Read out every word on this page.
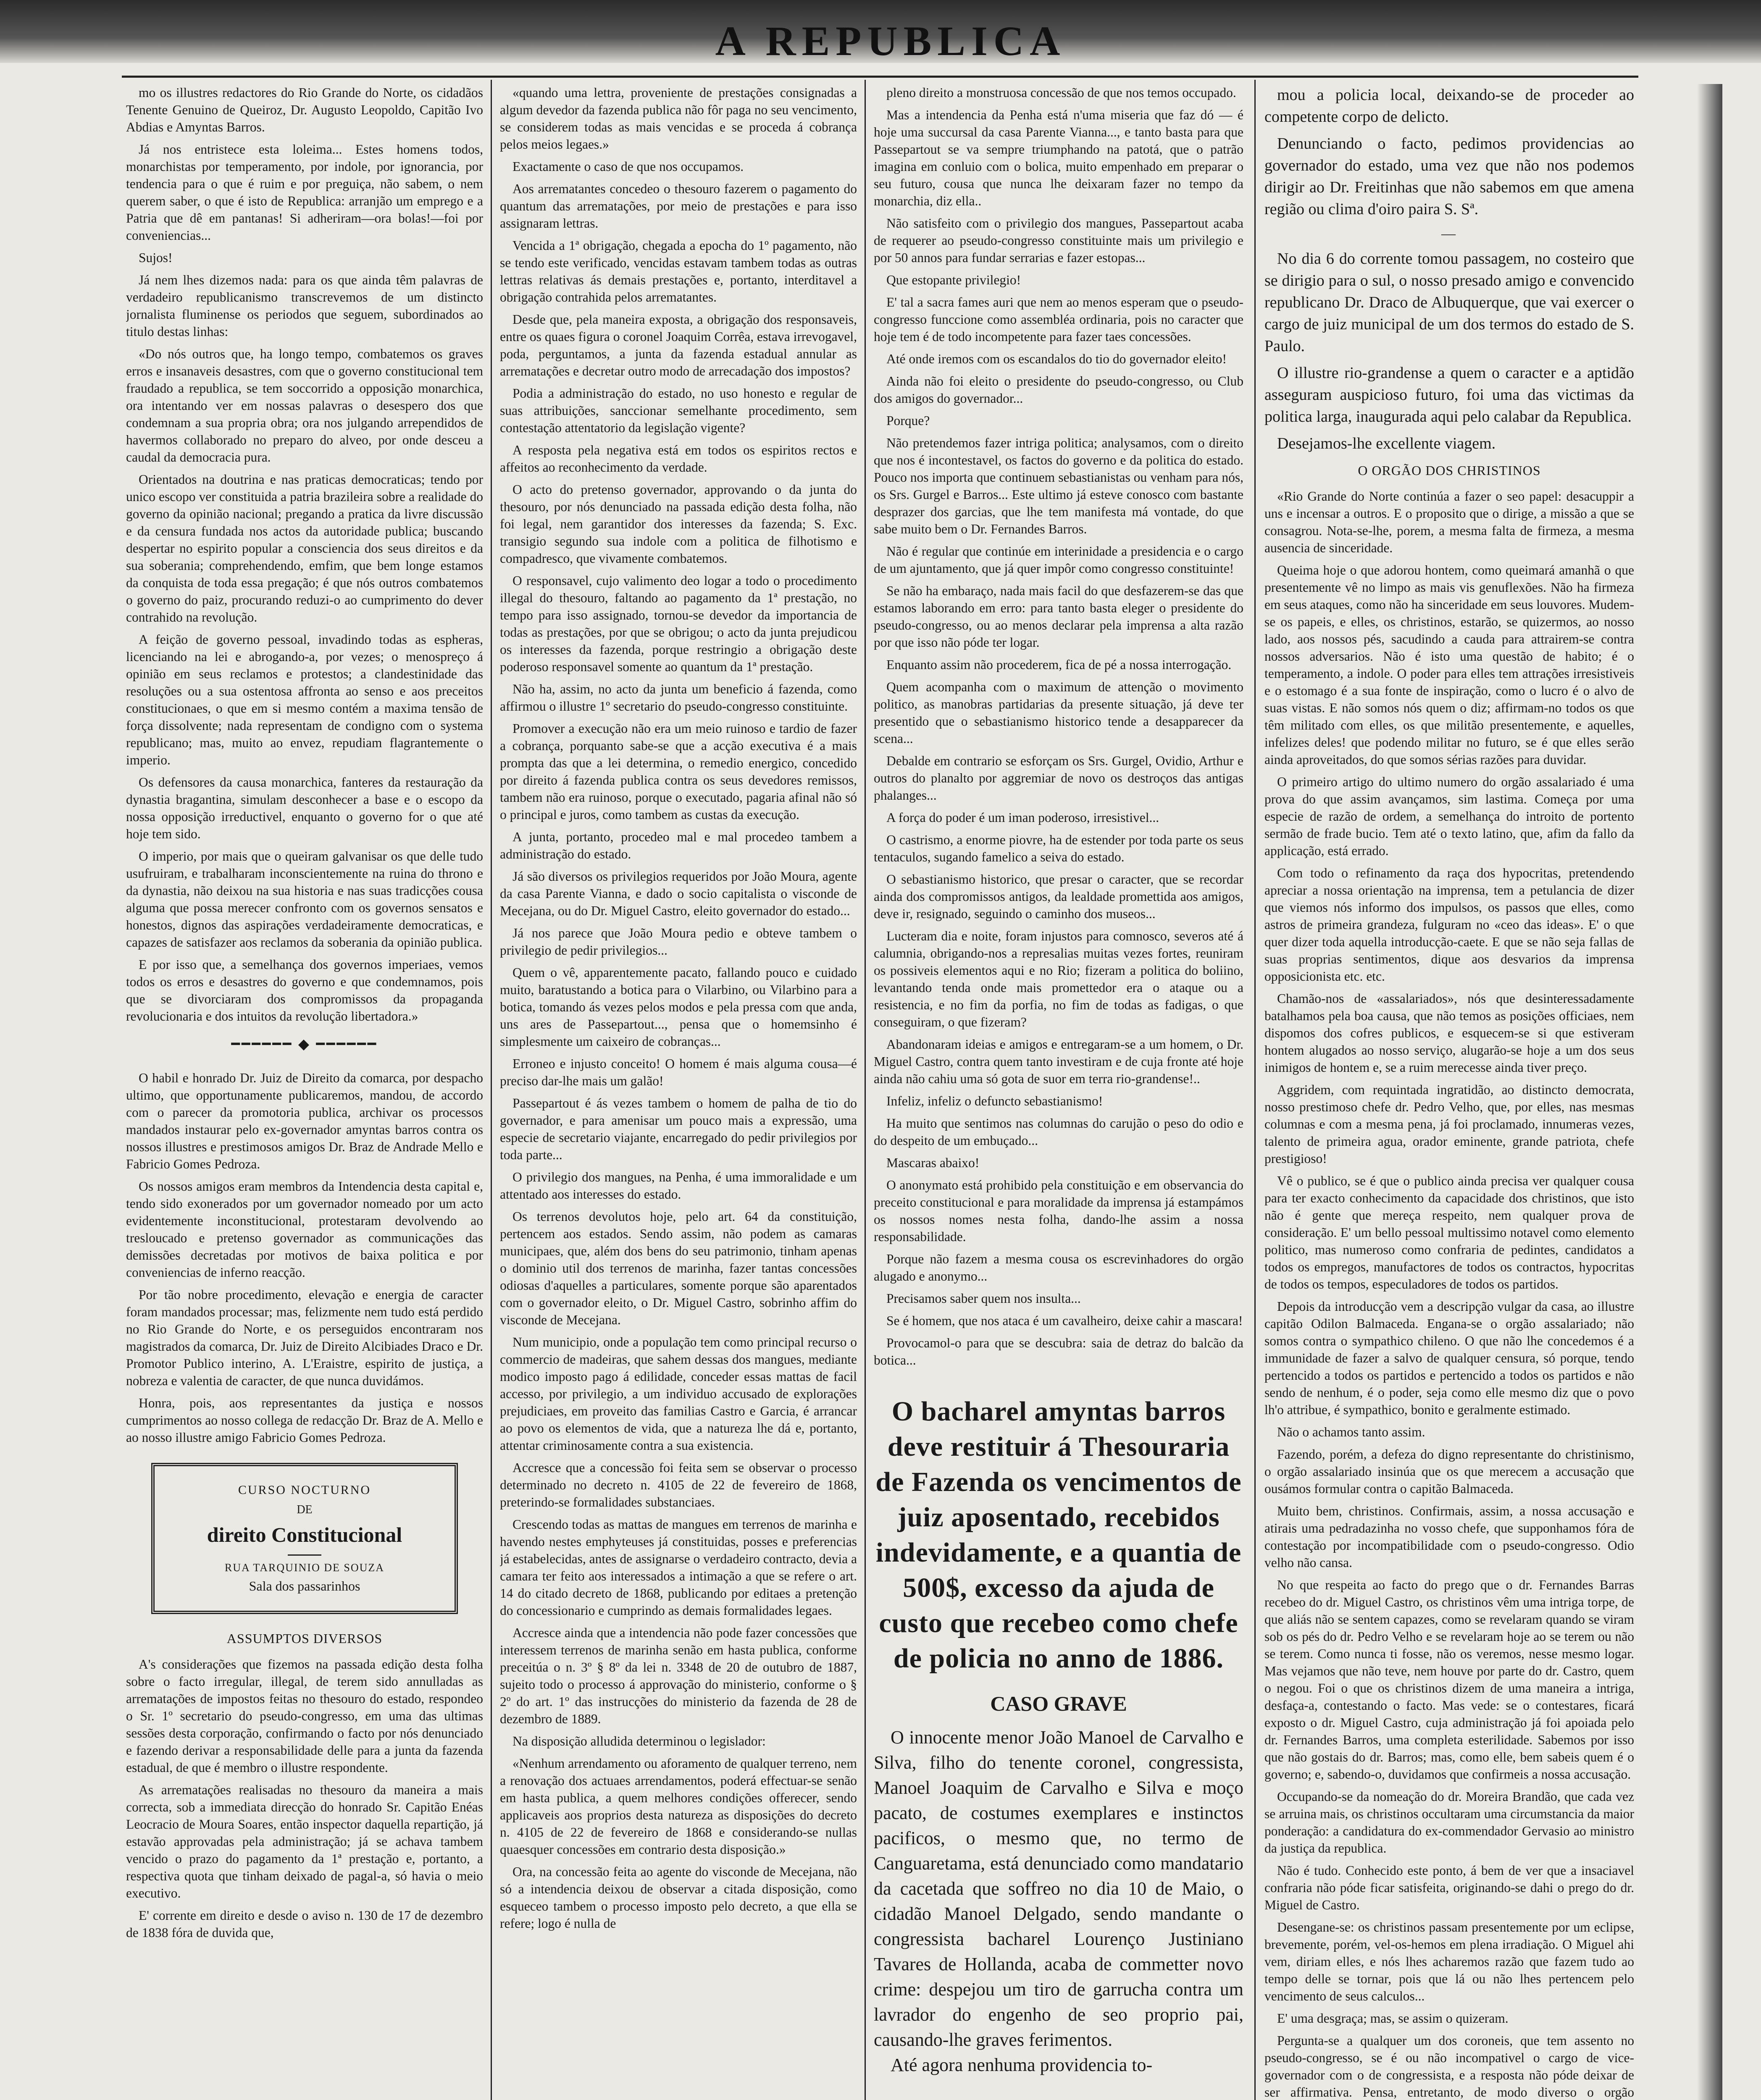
A REPUBLICA

mo os illustres redactores do Rio Grande do Norte, os cidadãos Tenente Genuino de Queiroz, Dr. Augusto Leopoldo, Capitão Ivo Abdias e Amyntas Barros.

Já nos entristece esta loleima... Estes homens todos, monarchistas por temperamento, por indole, por ignorancia, por tendencia para o que é ruim e por preguiça, não sabem, o nem querem saber, o que é isto de Republica: arranjão um emprego e a Patria que dê em pantanas! Si adheriram—ora bolas!—foi por conveniencias...

Sujos!

Já nem lhes dizemos nada: para os que ainda têm palavras de verdadeiro republicanismo transcrevemos de um distincto jornalista fluminense os periodos que seguem, subordinados ao titulo destas linhas:

«Do nós outros que, ha longo tempo, combatemos os graves erros e insanaveis desastres, com que o governo constitucional tem fraudado a republica, se tem soccorrido a opposição monarchica, ora intentando ver em nossas palavras o desespero dos que condemnam a sua propria obra; ora nos julgando arrependidos de havermos collaborado no preparo do alveo, por onde desceu a caudal da democracia pura.

Orientados na doutrina e nas praticas democraticas; tendo por unico escopo ver constituida a patria brazileira sobre a realidade do governo da opinião nacional; pregando a pratica da livre discussão e da censura fundada nos actos da autoridade publica; buscando despertar no espirito popular a consciencia dos seus direitos e da sua soberania; comprehendendo, emfim, que bem longe estamos da conquista de toda essa pregação; é que nós outros combatemos o governo do paiz, procurando reduzi-o ao cumprimento do dever contrahido na revolução.

A feição de governo pessoal, invadindo todas as espheras, licenciando na lei e abrogando-a, por vezes; o menospreço á opinião em seus reclamos e protestos; a clandestinidade das resoluções ou a sua ostentosa affronta ao senso e aos preceitos constitucionaes, o que em si mesmo contém a maxima tensão de força dissolvente; nada representam de condigno com o systema republicano; mas, muito ao envez, repudiam flagrantemente o imperio.

Os defensores da causa monarchica, fanteres da restauração da dynastia bragantina, simulam desconhecer a base e o escopo da nossa opposição irreductivel, enquanto o governo for o que até hoje tem sido.

O imperio, por mais que o queiram galvanisar os que delle tudo usufruiram, e trabalharam inconscientemente na ruina do throno e da dynastia, não deixou na sua historia e nas suas tradicções cousa alguma que possa merecer confronto com os governos sensatos e honestos, dignos das aspirações verdadeiramente democraticas, e capazes de satisfazer aos reclamos da soberania da opinião publica.

E por isso que, a semelhança dos governos imperiaes, vemos todos os erros e desastres do governo e que condemnamos, pois que se divorciaram dos compromissos da propaganda revolucionaria e dos intuitos da revolução libertadora.»

━━━━━━ ◆ ━━━━━━

O habil e honrado Dr. Juiz de Direito da comarca, por despacho ultimo, que opportunamente publicaremos, mandou, de accordo com o parecer da promotoria publica, archivar os processos mandados instaurar pelo ex-governador amyntas barros contra os nossos illustres e prestimosos amigos Dr. Braz de Andrade Mello e Fabricio Gomes Pedroza.

Os nossos amigos eram membros da Intendencia desta capital e, tendo sido exonerados por um governador nomeado por um acto evidentemente inconstitucional, protestaram devolvendo ao tresloucado e pretenso governador as communicações das demissões decretadas por motivos de baixa politica e por conveniencias de inferno reacção.

Por tão nobre procedimento, elevação e energia de caracter foram mandados processar; mas, felizmente nem tudo está perdido no Rio Grande do Norte, e os perseguidos encontraram nos magistrados da comarca, Dr. Juiz de Direito Alcibiades Draco e Dr. Promotor Publico interino, A. L'Eraistre, espirito de justiça, a nobreza e valentia de caracter, de que nunca duvidámos.

Honra, pois, aos representantes da justiça e nossos cumprimentos ao nosso collega de redacção Dr. Braz de A. Mello e ao nosso illustre amigo Fabricio Gomes Pedroza.

CURSO NOCTURNO
DE
direito Constitucional
RUA TARQUINIO DE SOUZA
Sala dos passarinhos
ASSUMPTOS DIVERSOS

A's considerações que fizemos na passada edição desta folha sobre o facto irregular, illegal, de terem sido annulladas as arrematações de impostos feitas no thesouro do estado, respondeo o Sr. 1º secretario do pseudo-congresso, em uma das ultimas sessões desta corporação, confirmando o facto por nós denunciado e fazendo derivar a responsabilidade delle para a junta da fazenda estadual, de que é membro o illustre respondente.

As arrematações realisadas no thesouro da maneira a mais correcta, sob a immediata direcção do honrado Sr. Capitão Enéas Leocracio de Moura Soares, então inspector daquella repartição, já estavão approvadas pela administração; já se achava tambem vencido o prazo do pagamento da 1ª prestação e, portanto, a respectiva quota que tinham deixado de pagal-a, só havia o meio executivo.

E' corrente em direito e desde o aviso n. 130 de 17 de dezembro de 1838 fóra de duvida que,

«quando uma lettra, proveniente de prestações consignadas a algum devedor da fazenda publica não fôr paga no seu vencimento, se considerem todas as mais vencidas e se proceda á cobrança pelos meios legaes.»

Exactamente o caso de que nos occupamos.

Aos arrematantes concedeo o thesouro fazerem o pagamento do quantum das arrematações, por meio de prestações e para isso assignaram lettras.

Vencida a 1ª obrigação, chegada a epocha do 1º pagamento, não se tendo este verificado, vencidas estavam tambem todas as outras lettras relativas ás demais prestações e, portanto, interditavel a obrigação contrahida pelos arrematantes.

Desde que, pela maneira exposta, a obrigação dos responsaveis, entre os quaes figura o coronel Joaquim Corrêa, estava irrevogavel, poda, perguntamos, a junta da fazenda estadual annular as arrematações e decretar outro modo de arrecadação dos impostos?

Podia a administração do estado, no uso honesto e regular de suas attribuições, sanccionar semelhante procedimento, sem contestação attentatorio da legislação vigente?

A resposta pela negativa está em todos os espiritos rectos e affeitos ao reconhecimento da verdade.

O acto do pretenso governador, approvando o da junta do thesouro, por nós denunciado na passada edição desta folha, não foi legal, nem garantidor dos interesses da fazenda; S. Exc. transigio segundo sua indole com a politica de filhotismo e compadresco, que vivamente combatemos.

O responsavel, cujo valimento deo logar a todo o procedimento illegal do thesouro, faltando ao pagamento da 1ª prestação, no tempo para isso assignado, tornou-se devedor da importancia de todas as prestações, por que se obrigou; o acto da junta prejudicou os interesses da fazenda, porque restringio a obrigação deste poderoso responsavel somente ao quantum da 1ª prestação.

Não ha, assim, no acto da junta um beneficio á fazenda, como affirmou o illustre 1º secretario do pseudo-congresso constituinte.

Promover a execução não era um meio ruinoso e tardio de fazer a cobrança, porquanto sabe-se que a acção executiva é a mais prompta das que a lei determina, o remedio energico, concedido por direito á fazenda publica contra os seus devedores remissos, tambem não era ruinoso, porque o executado, pagaria afinal não só o principal e juros, como tambem as custas da execução.

A junta, portanto, procedeo mal e mal procedeo tambem a administração do estado.

Já são diversos os privilegios requeridos por João Moura, agente da casa Parente Vianna, e dado o socio capitalista o visconde de Mecejana, ou do Dr. Miguel Castro, eleito governador do estado...

Já nos parece que João Moura pedio e obteve tambem o privilegio de pedir privilegios...

Quem o vê, apparentemente pacato, fallando pouco e cuidado muito, baratustando a botica para o Vilarbino, ou Vilarbino para a botica, tomando ás vezes pelos modos e pela pressa com que anda, uns ares de Passepartout..., pensa que o homemsinho é simplesmente um caixeiro de cobranças...

Erroneo e injusto conceito! O homem é mais alguma cousa—é preciso dar-lhe mais um galão!

Passepartout é ás vezes tambem o homem de palha de tio do governador, e para amenisar um pouco mais a expressão, uma especie de secretario viajante, encarregado do pedir privilegios por toda parte...

O privilegio dos mangues, na Penha, é uma immoralidade e um attentado aos interesses do estado.

Os terrenos devolutos hoje, pelo art. 64 da constituição, pertencem aos estados. Sendo assim, não podem as camaras municipaes, que, além dos bens do seu patrimonio, tinham apenas o dominio util dos terrenos de marinha, fazer tantas concessões odiosas d'aquelles a particulares, somente porque são aparentados com o governador eleito, o Dr. Miguel Castro, sobrinho affim do visconde de Mecejana.

Num municipio, onde a população tem como principal recurso o commercio de madeiras, que sahem dessas dos mangues, mediante modico imposto pago á edilidade, conceder essas mattas de facil accesso, por privilegio, a um individuo accusado de explorações prejudiciaes, em proveito das familias Castro e Garcia, é arrancar ao povo os elementos de vida, que a natureza lhe dá e, portanto, attentar criminosamente contra a sua existencia.

Accresce que a concessão foi feita sem se observar o processo determinado no decreto n. 4105 de 22 de fevereiro de 1868, preterindo-se formalidades substanciaes.

Crescendo todas as mattas de mangues em terrenos de marinha e havendo nestes emphyteuses já constituidas, posses e preferencias já estabelecidas, antes de assignarse o verdadeiro contracto, devia a camara ter feito aos interessados a intimação a que se refere o art. 14 do citado decreto de 1868, publicando por editaes a pretenção do concessionario e cumprindo as demais formalidades legaes.

Accresce ainda que a intendencia não pode fazer concessões que interessem terrenos de marinha senão em hasta publica, conforme preceitúa o n. 3º § 8º da lei n. 3348 de 20 de outubro de 1887, sujeito todo o processo á approvação do ministerio, conforme o § 2º do art. 1º das instrucções do ministerio da fazenda de 28 de dezembro de 1889.

Na disposição alludida determinou o legislador:

«Nenhum arrendamento ou aforamento de qualquer terreno, nem a renovação dos actuaes arrendamentos, poderá effectuar-se senão em hasta publica, a quem melhores condições offerecer, sendo applicaveis aos proprios desta natureza as disposições do decreto n. 4105 de 22 de fevereiro de 1868 e considerando-se nullas quaesquer concessões em contrario desta disposição.»

Ora, na concessão feita ao agente do visconde de Mecejana, não só a intendencia deixou de observar a citada disposição, como esqueceo tambem o processo imposto pelo decreto, a que ella se refere; logo é nulla de

pleno direito a monstruosa concessão de que nos temos occupado.

Mas a intendencia da Penha está n'uma miseria que faz dó — é hoje uma succursal da casa Parente Vianna..., e tanto basta para que Passepartout se va sempre triumphando na patotá, que o patrão imagina em conluio com o bolica, muito empenhado em preparar o seu futuro, cousa que nunca lhe deixaram fazer no tempo da monarchia, diz ella..

Não satisfeito com o privilegio dos mangues, Passepartout acaba de requerer ao pseudo-congresso constituinte mais um privilegio e por 50 annos para fundar serrarias e fazer estopas...

Que estopante privilegio!

E' tal a sacra fames auri que nem ao menos esperam que o pseudo-congresso funccione como assembléa ordinaria, pois no caracter que hoje tem é de todo incompetente para fazer taes concessões.

Até onde iremos com os escandalos do tio do governador eleito!

Ainda não foi eleito o presidente do pseudo-congresso, ou Club dos amigos do governador...

Porque?

Não pretendemos fazer intriga politica; analysamos, com o direito que nos é incontestavel, os factos do governo e da politica do estado. Pouco nos importa que continuem sebastianistas ou venham para nós, os Srs. Gurgel e Barros... Este ultimo já esteve conosco com bastante desprazer dos garcias, que lhe tem manifesta má vontade, do que sabe muito bem o Dr. Fernandes Barros.

Não é regular que continúe em interinidade a presidencia e o cargo de um ajuntamento, que já quer impôr como congresso constituinte!

Se não ha embaraço, nada mais facil do que desfazerem-se das que estamos laborando em erro: para tanto basta eleger o presidente do pseudo-congresso, ou ao menos declarar pela imprensa a alta razão por que isso não póde ter logar.

Enquanto assim não procederem, fica de pé a nossa interrogação.

Quem acompanha com o maximum de attenção o movimento politico, as manobras partidarias da presente situação, já deve ter presentido que o sebastianismo historico tende a desapparecer da scena...

Debalde em contrario se esforçam os Srs. Gurgel, Ovidio, Arthur e outros do planalto por aggremiar de novo os destroços das antigas phalanges...

A força do poder é um iman poderoso, irresistivel...

O castrismo, a enorme piovre, ha de estender por toda parte os seus tentaculos, sugando famelico a seiva do estado.

O sebastianismo historico, que presar o caracter, que se recordar ainda dos compromissos antigos, da lealdade promettida aos amigos, deve ir, resignado, seguindo o caminho dos museos...

Lucteram dia e noite, foram injustos para comnosco, severos até á calumnia, obrigando-nos a represalias muitas vezes fortes, reuniram os possiveis elementos aqui e no Rio; fizeram a politica do boliino, levantando tenda onde mais promettedor era o ataque ou a resistencia, e no fim da porfia, no fim de todas as fadigas, o que conseguiram, o que fizeram?

Abandonaram ideias e amigos e entregaram-se a um homem, o Dr. Miguel Castro, contra quem tanto investiram e de cuja fronte até hoje ainda não cahiu uma só gota de suor em terra rio-grandense!..

Infeliz, infeliz o defuncto sebastianismo!

Ha muito que sentimos nas columnas do carujão o peso do odio e do despeito de um embuçado...

Mascaras abaixo!

O anonymato está prohibido pela constituição e em observancia do preceito constitucional e para moralidade da imprensa já estampámos os nossos nomes nesta folha, dando-lhe assim a nossa responsabilidade.

Porque não fazem a mesma cousa os escrevinhadores do orgão alugado e anonymo...

Precisamos saber quem nos insulta...

Se é homem, que nos ataca é um cavalheiro, deixe cahir a mascara!

Provocamol-o para que se descubra: saia de detraz do balcão da botica...

O bacharel amyntas barros deve restituir á Thesouraria de Fazenda os vencimentos de juiz aposentado, recebidos indevidamente, e a quantia de 500$, excesso da ajuda de custo que recebeo como chefe de policia no anno de 1886.
CASO GRAVE

O innocente menor João Manoel de Carvalho e Silva, filho do tenente coronel, congressista, Manoel Joaquim de Carvalho e Silva e moço pacato, de costumes exemplares e instinctos pacificos, o mesmo que, no termo de Canguaretama, está denunciado como mandatario da cacetada que soffreo no dia 10 de Maio, o cidadão Manoel Delgado, sendo mandante o congressista bacharel Lourenço Justiniano Tavares de Hollanda, acaba de commetter novo crime: despejou um tiro de garrucha contra um lavrador do engenho de seo proprio pai, causando-lhe graves ferimentos.

Até agora nenhuma providencia to-

mou a policia local, deixando-se de proceder ao competente corpo de delicto.

Denunciando o facto, pedimos providencias ao governador do estado, uma vez que não nos podemos dirigir ao Dr. Freitinhas que não sabemos em que amena região ou clima d'oiro paira S. Sª.

—

No dia 6 do corrente tomou passagem, no costeiro que se dirigio para o sul, o nosso presado amigo e convencido republicano Dr. Draco de Albuquerque, que vai exercer o cargo de juiz municipal de um dos termos do estado de S. Paulo.

O illustre rio-grandense a quem o caracter e a aptidão asseguram auspicioso futuro, foi uma das victimas da politica larga, inaugurada aqui pelo calabar da Republica.

Desejamos-lhe excellente viagem.

O ORGÃO DOS CHRISTINOS

«Rio Grande do Norte continúa a fazer o seo papel: desacuppir a uns e incensar a outros. E o proposito que o dirige, a missão a que se consagrou. Nota-se-lhe, porem, a mesma falta de firmeza, a mesma ausencia de sinceridade.

Queima hoje o que adorou hontem, como queimará amanhã o que presentemente vê no limpo as mais vis genuflexões. Não ha firmeza em seus ataques, como não ha sinceridade em seus louvores. Mudem-se os papeis, e elles, os christinos, estarão, se quizermos, ao nosso lado, aos nossos pés, sacudindo a cauda para attrairem-se contra nossos adversarios. Não é isto uma questão de habito; é o temperamento, a indole. O poder para elles tem attrações irresistiveis e o estomago é a sua fonte de inspiração, como o lucro é o alvo de suas vistas. E não somos nós quem o diz; affirmam-no todos os que têm militado com elles, os que militão presentemente, e aquelles, infelizes deles! que podendo militar no futuro, se é que elles serão ainda aproveitados, do que somos sérias razões para duvidar.

O primeiro artigo do ultimo numero do orgão assalariado é uma prova do que assim avançamos, sim lastima. Começa por uma especie de razão de ordem, a semelhança do introito de portento sermão de frade bucio. Tem até o texto latino, que, afim da fallo da applicação, está errado.

Com todo o refinamento da raça dos hypocritas, pretendendo apreciar a nossa orientação na imprensa, tem a petulancia de dizer que viemos nós informo dos impulsos, os passos que elles, como astros de primeira grandeza, fulguram no «ceo das ideas». E' o que quer dizer toda aquella introducção-caete. E que se não seja fallas de suas proprias sentimentos, dique aos desvarios da imprensa opposicionista etc. etc.

Chamão-nos de «assalariados», nós que desinteressadamente batalhamos pela boa causa, que não temos as posições officiaes, nem dispomos dos cofres publicos, e esquecem-se si que estiveram hontem alugados ao nosso serviço, alugarão-se hoje a um dos seus inimigos de hontem e, se a ruim merecesse ainda tiver preço.

Aggridem, com requintada ingratidão, ao distincto democrata, nosso prestimoso chefe dr. Pedro Velho, que, por elles, nas mesmas columnas e com a mesma pena, já foi proclamado, innumeras vezes, talento de primeira agua, orador eminente, grande patriota, chefe prestigioso!

Vê o publico, se é que o publico ainda precisa ver qualquer cousa para ter exacto conhecimento da capacidade dos christinos, que isto não é gente que mereça respeito, nem qualquer prova de consideração. E' um bello pessoal multissimo notavel como elemento politico, mas numeroso como confraria de pedintes, candidatos a todos os empregos, manufactores de todos os contractos, hypocritas de todos os tempos, especuladores de todos os partidos.

Depois da introducção vem a descripção vulgar da casa, ao illustre capitão Odilon Balmaceda. Engana-se o orgão assalariado; não somos contra o sympathico chileno. O que não lhe concedemos é a immunidade de fazer a salvo de qualquer censura, só porque, tendo pertencido a todos os partidos e pertencido a todos os partidos e não sendo de nenhum, é o poder, seja como elle mesmo diz que o povo lh'o attribue, é sympathico, bonito e geralmente estimado.

Não o achamos tanto assim.

Fazendo, porém, a defeza do digno representante do christinismo, o orgão assalariado insinúa que os que merecem a accusação que ousámos formular contra o capitão Balmaceda.

Muito bem, christinos. Confirmais, assim, a nossa accusação e atirais uma pedradazinha no vosso chefe, que supponhamos fóra de contestação por incompatibilidade com o pseudo-congresso. Odio velho não cansa.

No que respeita ao facto do prego que o dr. Fernandes Barras recebeo do dr. Miguel Castro, os christinos vêm uma intriga torpe, de que aliás não se sentem capazes, como se revelaram quando se viram sob os pés do dr. Pedro Velho e se revelaram hoje ao se terem ou não se terem. Como nunca ti fosse, não os veremos, nesse mesmo logar. Mas vejamos que não teve, nem houve por parte do dr. Castro, quem o negou. Foi o que os christinos dizem de uma maneira a intriga, desfaça-a, contestando o facto. Mas vede: se o contestares, ficará exposto o dr. Miguel Castro, cuja administração já foi apoiada pelo dr. Fernandes Barros, uma completa esterilidade. Sabemos por isso que não gostais do dr. Barros; mas, como elle, bem sabeis quem é o governo; e, sabendo-o, duvidamos que confirmeis a nossa accusação.

Occupando-se da nomeação do dr. Moreira Brandão, que cada vez se arruina mais, os christinos occultaram uma circumstancia da maior ponderação: a candidatura do ex-commendador Gervasio ao ministro da justiça da republica.

Não é tudo. Conhecido este ponto, á bem de ver que a insaciavel confraria não póde ficar satisfeita, originando-se dahi o prego do dr. Miguel de Castro.

Desengane-se: os christinos passam presentemente por um eclipse, brevemente, porém, vel-os-hemos em plena irradiação. O Miguel ahi vem, diriam elles, e nós lhes acharemos razão que fazem tudo ao tempo delle se tornar, pois que lá ou não lhes pertencem pelo vencimento de seus calculos...

E' uma desgraça; mas, se assim o quizeram.

Pergunta-se a qualquer um dos coroneis, que tem assento no pseudo-congresso, se é ou não incompativel o cargo de vice-governador com o de congressista, e a resposta não póde deixar de ser affirmativa. Pensa, entretanto, de modo diverso o orgão
